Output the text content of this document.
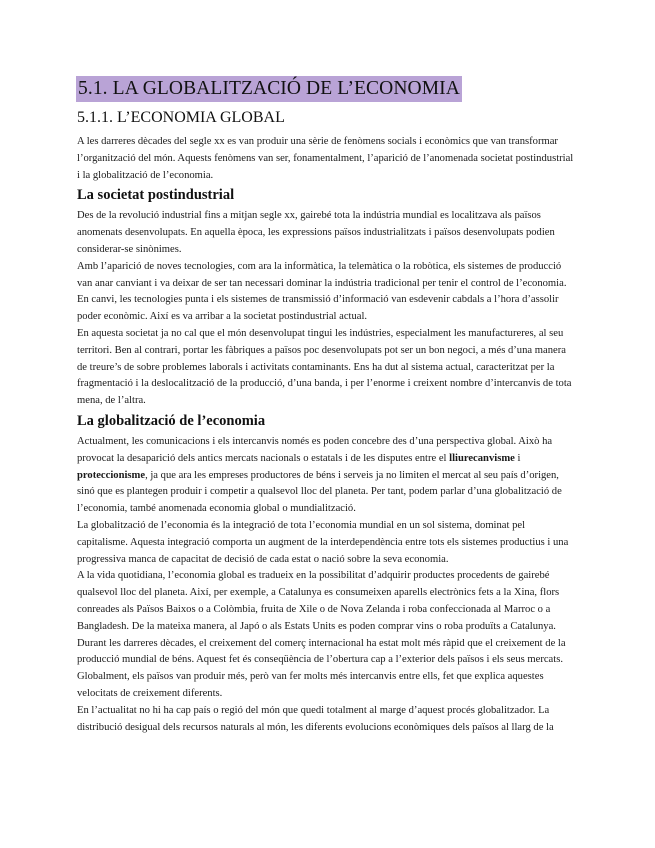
5.1. LA GLOBALITZACIÓ DE L’ECONOMIA
5.1.1. L’ECONOMIA GLOBAL

A les darreres dècades del segle xx es van produir una sèrie de fenòmens socials i econòmics que van transformar l’organització del món. Aquests fenòmens van ser, fonamentalment, l’aparició de l’anomenada societat postindustrial i la globalització de l’economia.

La societat postindustrial

Des de la revolució industrial fins a mitjan segle xx, gairebé tota la indústria mundial es localitzava als països anomenats desenvolupats. En aquella època, les expressions països industrialitzats i països desenvolupats podien considerar-se sinònimes.

Amb l’aparició de noves tecnologies, com ara la informàtica, la telemàtica o la robòtica, els sistemes de producció van anar canviant i va deixar de ser tan necessari dominar la indústria tradicional per tenir el control de l’economia. En canvi, les tecnologies punta i els sistemes de transmissió d’informació van esdevenir cabdals a l’hora d’assolir poder econòmic. Així es va arribar a la societat postindustrial actual.

En aquesta societat ja no cal que el món desenvolupat tingui les indústries, especialment les manufactureres, al seu territori. Ben al contrari, portar les fàbriques a països poc desenvolupats pot ser un bon negoci, a més d’una manera de treure’s de sobre problemes laborals i activitats contaminants. Ens ha dut al sistema actual, caracteritzat per la fragmentació i la deslocalització de la producció, d’una banda, i per l’enorme i creixent nombre d’intercanvis de tota mena, de l’altra.

La globalització de l’economia

Actualment, les comunicacions i els intercanvis només es poden concebre des d’una perspectiva global. Això ha provocat la desaparició dels antics mercats nacionals o estatals i de les disputes entre el lliurecanvisme i proteccionisme, ja que ara les empreses productores de béns i serveis ja no limiten el mercat al seu país d’origen, sinó que es plantegen produir i competir a qualsevol lloc del planeta. Per tant, podem parlar d’una globalització de l’economia, també anomenada economia global o mundialització.

La globalització de l’economia és la integració de tota l’economia mundial en un sol sistema, dominat pel capitalisme. Aquesta integració comporta un augment de la interdependència entre tots els sistemes productius i una progressiva manca de capacitat de decisió de cada estat o nació sobre la seva economia.

A la vida quotidiana, l’economia global es tradueix en la possibilitat d’adquirir productes procedents de gairebé qualsevol lloc del planeta. Així, per exemple, a Catalunya es consumeixen aparells electrònics fets a la Xina, flors conreades als Països Baixos o a Colòmbia, fruita de Xile o de Nova Zelanda i roba confeccionada al Marroc o a Bangladesh. De la mateixa manera, al Japó o als Estats Units es poden comprar vins o roba produïts a Catalunya.

Durant les darreres dècades, el creixement del comerç internacional ha estat molt més ràpid que el creixement de la producció mundial de béns. Aquest fet és conseqüència de l’obertura cap a l’exterior dels països i els seus mercats. Globalment, els països van produir més, però van fer molts més intercanvis entre ells, fet que explica aquestes velocitats de creixement diferents.

En l’actualitat no hi ha cap país o regió del món que quedi totalment al marge d’aquest procés globalitzador. La distribució desigual dels recursos naturals al món, les diferents evolucions econòmiques dels països al llarg de la
